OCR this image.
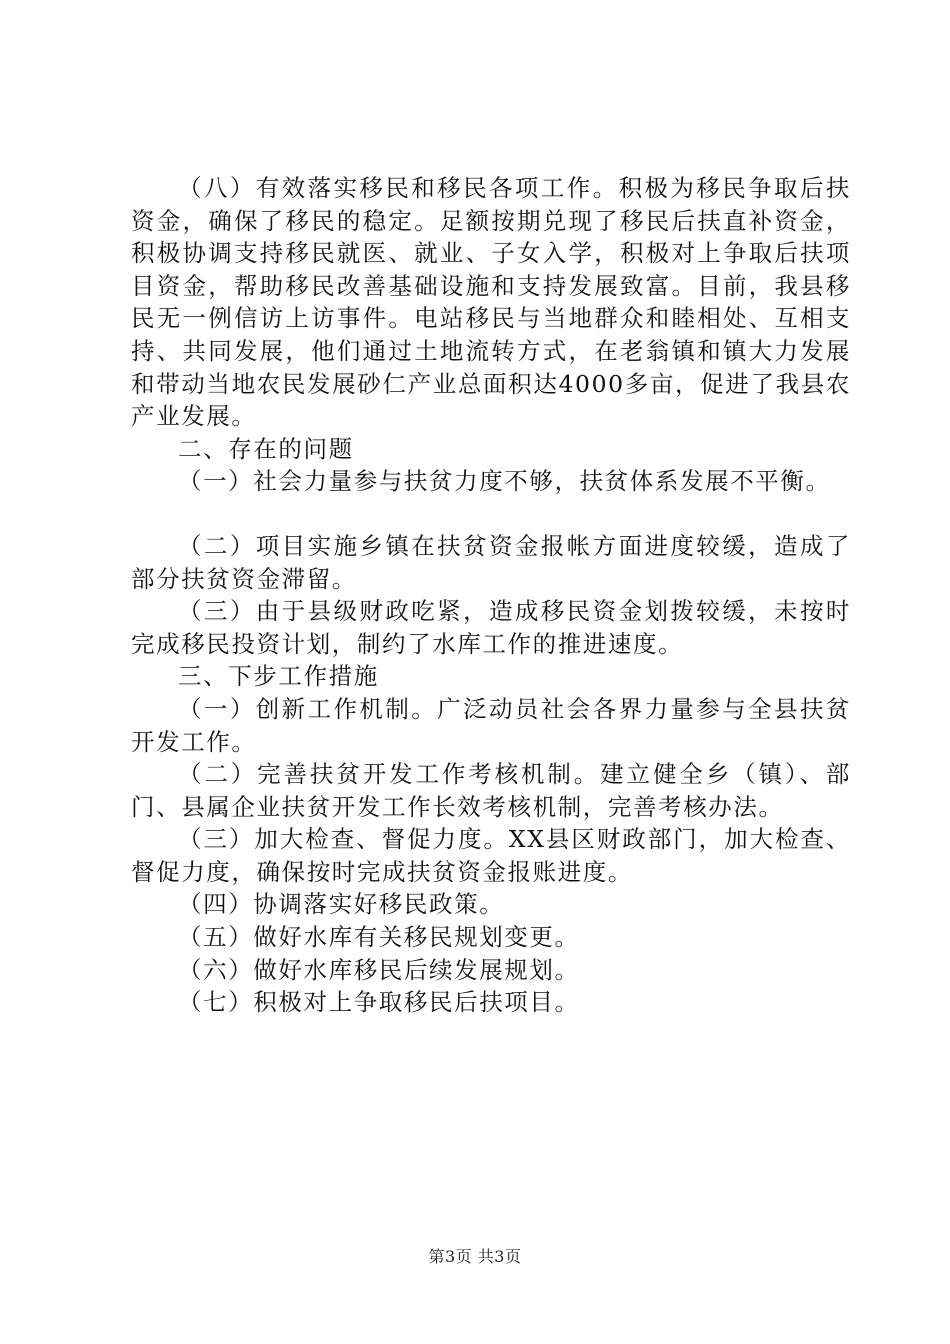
（八）有效落实移民和移民各项工作。积极为移民争取后扶资金，确保了移民的稳定。足额按期兑现了移民后扶直补资金，积极协调支持移民就医、就业、子女入学，积极对上争取后扶项目资金，帮助移民改善基础设施和支持发展致富。目前，我县移民无一例信访上访事件。电站移民与当地群众和睦相处、互相支持、共同发展，他们通过土地流转方式，在老翁镇和镇大力发展和带动当地农民发展砂仁产业总面积达4000多亩，促进了我县农产业发展。

二、存在的问题

（一）社会力量参与扶贫力度不够，扶贫体系发展不平衡。

（二）项目实施乡镇在扶贫资金报帐方面进度较缓，造成了部分扶贫资金滞留。

（三）由于县级财政吃紧，造成移民资金划拨较缓，未按时完成移民投资计划，制约了水库工作的推进速度。

三、下步工作措施

（一）创新工作机制。广泛动员社会各界力量参与全县扶贫开发工作。

（二）完善扶贫开发工作考核机制。建立健全乡（镇）、部门、县属企业扶贫开发工作长效考核机制，完善考核办法。

（三）加大检查、督促力度。XX县区财政部门，加大检查、督促力度，确保按时完成扶贫资金报账进度。

（四）协调落实好移民政策。

（五）做好水库有关移民规划变更。

（六）做好水库移民后续发展规划。

（七）积极对上争取移民后扶项目。

第3页 共3页
